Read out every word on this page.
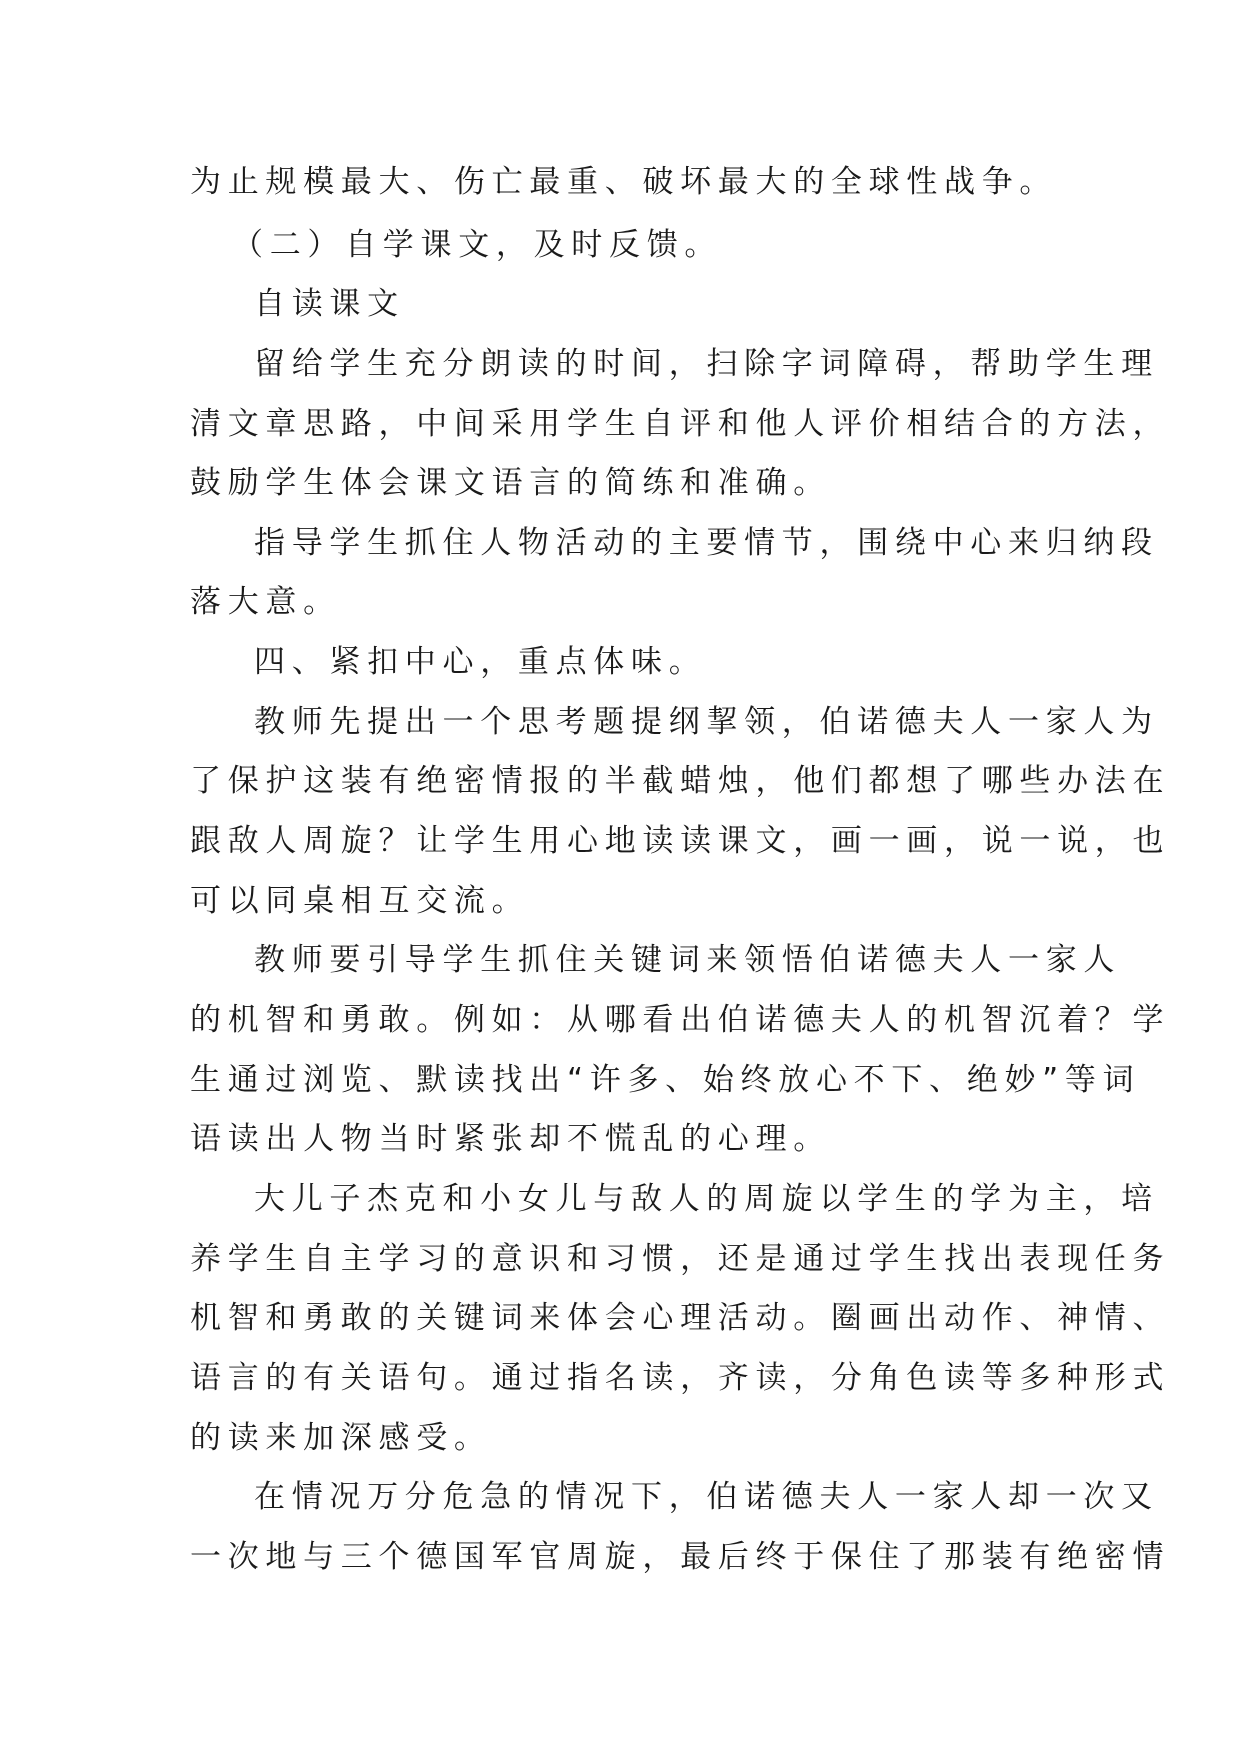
为止规模最大、伤亡最重、破坏最大的全球性战争。

（二）自学课文，及时反馈。

自读课文

留给学生充分朗读的时间，扫除字词障碍，帮助学生理

清文章思路，中间采用学生自评和他人评价相结合的方法，

鼓励学生体会课文语言的简练和准确。

指导学生抓住人物活动的主要情节，围绕中心来归纳段

落大意。

四、紧扣中心，重点体味。

教师先提出一个思考题提纲挈领，伯诺德夫人一家人为

了保护这装有绝密情报的半截蜡烛，他们都想了哪些办法在

跟敌人周旋？让学生用心地读读课文，画一画，说一说，也

可以同桌相互交流。

教师要引导学生抓住关键词来领悟伯诺德夫人一家人

的机智和勇敢。例如：从哪看出伯诺德夫人的机智沉着？学

生通过浏览、默读找出“许多、始终放心不下、绝妙”等词

语读出人物当时紧张却不慌乱的心理。

大儿子杰克和小女儿与敌人的周旋以学生的学为主，培

养学生自主学习的意识和习惯，还是通过学生找出表现任务

机智和勇敢的关键词来体会心理活动。圈画出动作、神情、

语言的有关语句。通过指名读，齐读，分角色读等多种形式

的读来加深感受。

在情况万分危急的情况下，伯诺德夫人一家人却一次又

一次地与三个德国军官周旋，最后终于保住了那装有绝密情
